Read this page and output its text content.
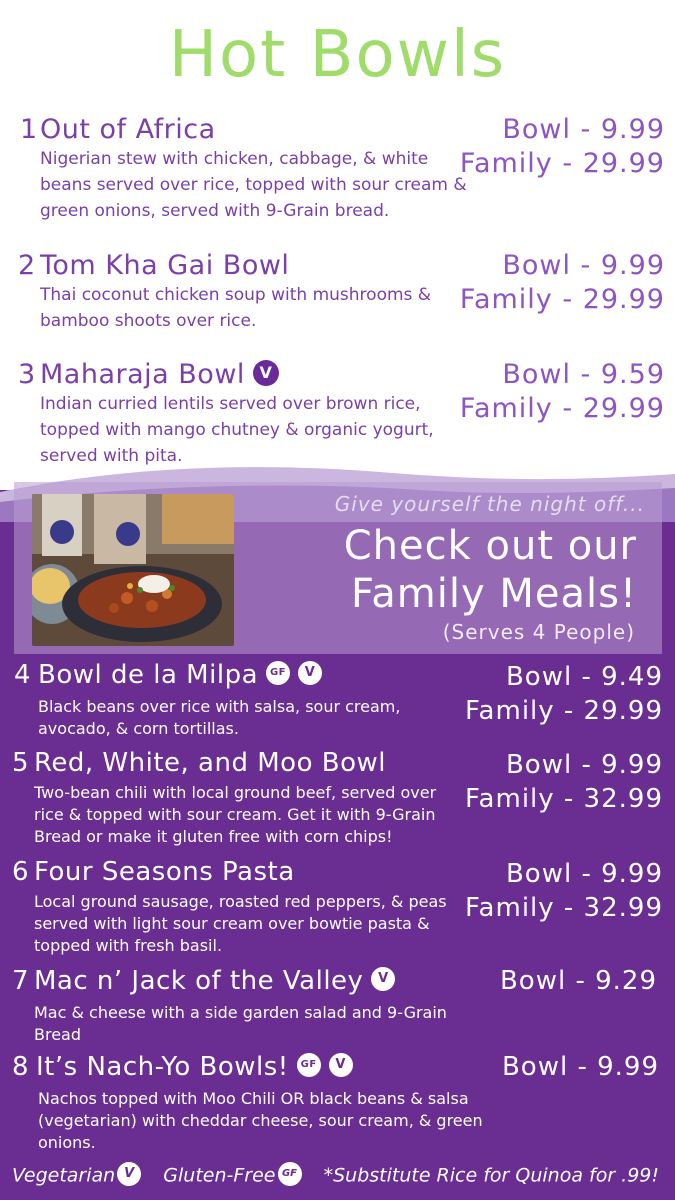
Hot Bowls
1 Out of Africa
Nigerian stew with chicken, cabbage, & white beans served over rice, topped with sour cream & green onions, served with 9-Grain bread.
Bowl - 9.99
Family - 29.99
2 Tom Kha Gai Bowl
Thai coconut chicken soup with mushrooms & bamboo shoots over rice.
Bowl - 9.99
Family - 29.99
3 Maharaja Bowl V
Indian curried lentils served over brown rice, topped with mango chutney & organic yogurt, served with pita.
Bowl - 9.59
Family - 29.99
Give yourself the night off...
Check out our
Family Meals!
(Serves 4 People)
4 Bowl de la Milpa GF V
Black beans over rice with salsa, sour cream, avocado, & corn tortillas.
Bowl - 9.49
Family - 29.99
5 Red, White, and Moo Bowl
Two-bean chili with local ground beef, served over rice & topped with sour cream. Get it with 9-Grain Bread or make it gluten free with corn chips!
Bowl - 9.99
Family - 32.99
6 Four Seasons Pasta
Local ground sausage, roasted red peppers, & peas served with light sour cream over bowtie pasta & topped with fresh basil.
Bowl - 9.99
Family - 32.99
7 Mac n’ Jack of the Valley V
Mac & cheese with a side garden salad and 9-Grain Bread
Bowl - 9.29
8 It’s Nach-Yo Bowls! GF V
Nachos topped with Moo Chili OR black beans & salsa (vegetarian) with cheddar cheese, sour cream, & green onions.
Bowl - 9.99
Vegetarian V Gluten-Free GF *Substitute Rice for Quinoa for .99!
